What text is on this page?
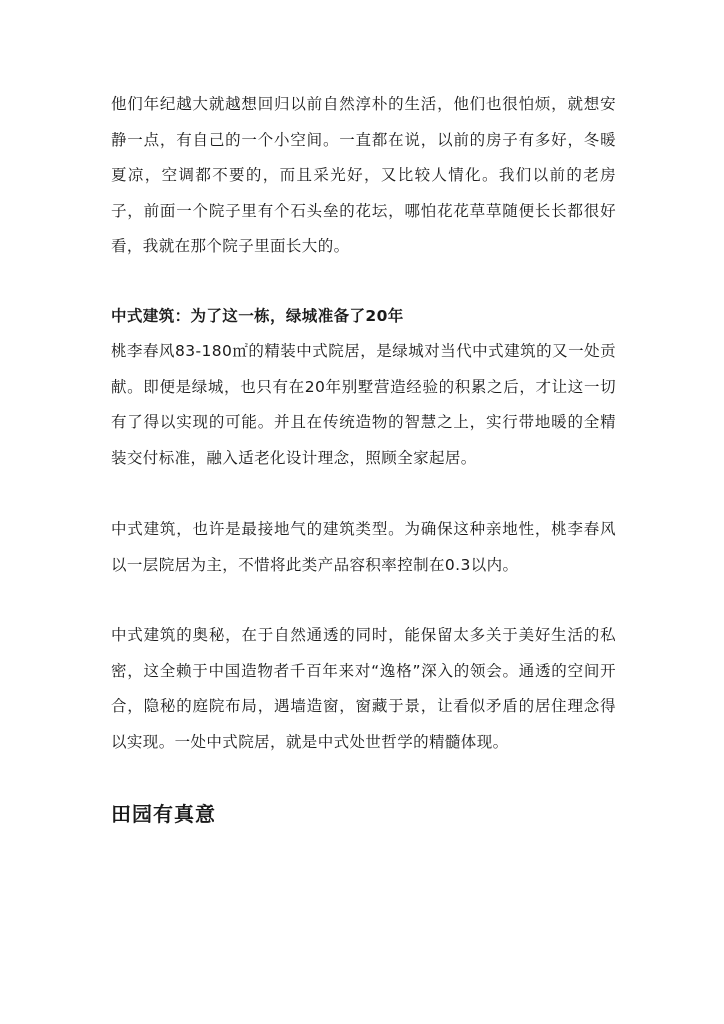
他们年纪越大就越想回归以前自然淳朴的生活，他们也很怕烦，就想安静一点，有自己的一个小空间。一直都在说，以前的房子有多好，冬暖夏凉，空调都不要的，而且采光好，又比较人情化。我们以前的老房子，前面一个院子里有个石头垒的花坛，哪怕花花草草随便长长都很好看，我就在那个院子里面长大的。

中式建筑：为了这一栋，绿城准备了20年

桃李春风83-180㎡的精装中式院居，是绿城对当代中式建筑的又一处贡献。即便是绿城，也只有在20年别墅营造经验的积累之后，才让这一切有了得以实现的可能。并且在传统造物的智慧之上，实行带地暖的全精装交付标准，融入适老化设计理念，照顾全家起居。

中式建筑，也许是最接地气的建筑类型。为确保这种亲地性，桃李春风以一层院居为主，不惜将此类产品容积率控制在0.3以内。

中式建筑的奥秘，在于自然通透的同时，能保留太多关于美好生活的私密，这全赖于中国造物者千百年来对“逸格”深入的领会。通透的空间开合，隐秘的庭院布局，遇墙造窗，窗藏于景，让看似矛盾的居住理念得以实现。一处中式院居，就是中式处世哲学的精髓体现。

田园有真意
